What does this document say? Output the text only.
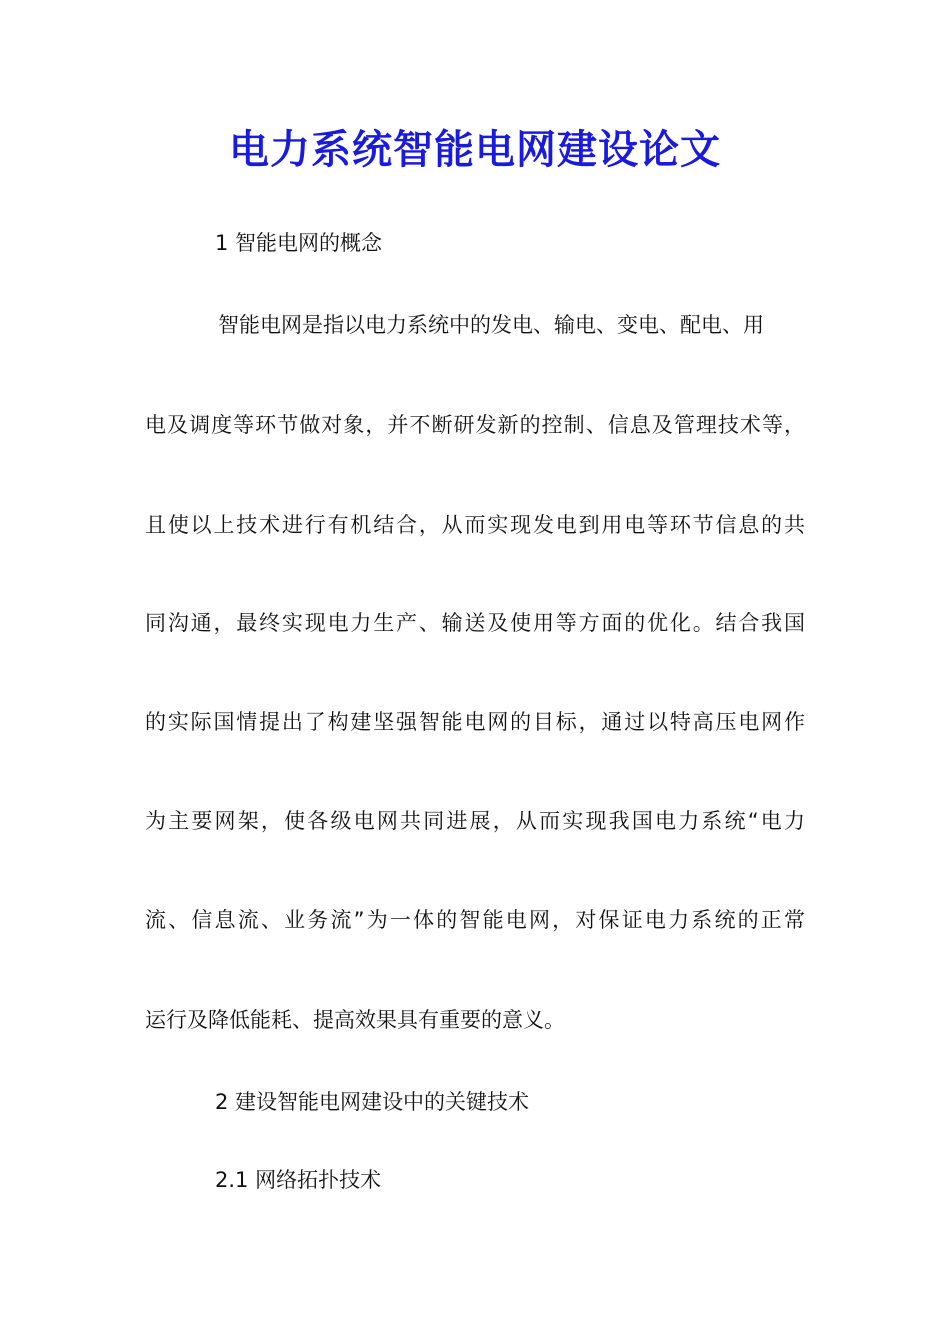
电力系统智能电网建设论文
1 智能电网的概念
智能电网是指以电力系统中的发电、输电、变电、配电、用
电及调度等环节做对象，并不断研发新的控制、信息及管理技术等，
且使以上技术进行有机结合，从而实现发电到用电等环节信息的共
同沟通，最终实现电力生产、输送及使用等方面的优化。结合我国
的实际国情提出了构建坚强智能电网的目标，通过以特高压电网作
为主要网架，使各级电网共同进展，从而实现我国电力系统“电力
流、信息流、业务流”为一体的智能电网，对保证电力系统的正常
运行及降低能耗、提高效果具有重要的意义。
2 建设智能电网建设中的关键技术
2.1 网络拓扑技术
